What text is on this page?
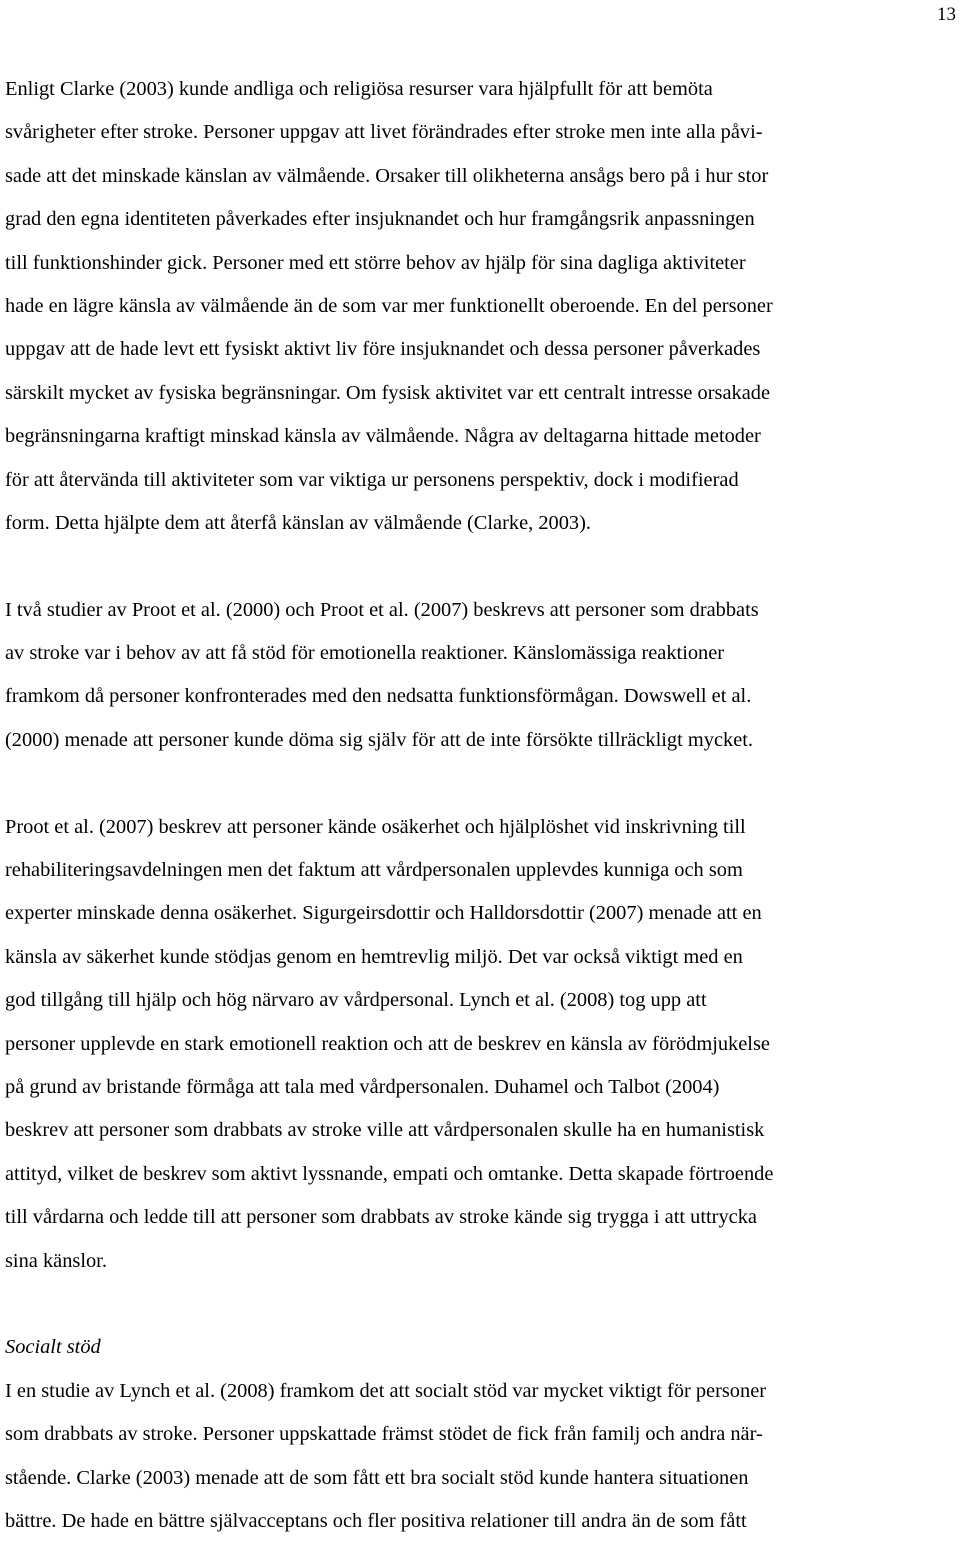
13
Enligt Clarke (2003) kunde andliga och religiösa resurser vara hjälpfullt för att bemöta
svårigheter efter stroke. Personer uppgav att livet förändrades efter stroke men inte alla påvi-
sade att det minskade känslan av välmående. Orsaker till olikheterna ansågs bero på i hur stor
grad den egna identiteten påverkades efter insjuknandet och hur framgångsrik anpassningen
till funktionshinder gick. Personer med ett större behov av hjälp för sina dagliga aktiviteter
hade en lägre känsla av välmående än de som var mer funktionellt oberoende. En del personer
uppgav att de hade levt ett fysiskt aktivt liv före insjuknandet och dessa personer påverkades
särskilt mycket av fysiska begränsningar. Om fysisk aktivitet var ett centralt intresse orsakade
begränsningarna kraftigt minskad känsla av välmående. Några av deltagarna hittade metoder
för att återvända till aktiviteter som var viktiga ur personens perspektiv, dock i modifierad
form. Detta hjälpte dem att återfå känslan av välmående (Clarke, 2003).
I två studier av Proot et al. (2000) och Proot et al. (2007) beskrevs att personer som drabbats
av stroke var i behov av att få stöd för emotionella reaktioner. Känslomässiga reaktioner
framkom då personer konfronterades med den nedsatta funktionsförmågan. Dowswell et al.
(2000) menade att personer kunde döma sig själv för att de inte försökte tillräckligt mycket.
Proot et al. (2007) beskrev att personer kände osäkerhet och hjälplöshet vid inskrivning till
rehabiliteringsavdelningen men det faktum att vårdpersonalen upplevdes kunniga och som
experter minskade denna osäkerhet. Sigurgeirsdottir och Halldorsdottir (2007) menade att en
känsla av säkerhet kunde stödjas genom en hemtrevlig miljö. Det var också viktigt med en
god tillgång till hjälp och hög närvaro av vårdpersonal. Lynch et al. (2008) tog upp att
personer upplevde en stark emotionell reaktion och att de beskrev en känsla av förödmjukelse
på grund av bristande förmåga att tala med vårdpersonalen. Duhamel och Talbot (2004)
beskrev att personer som drabbats av stroke ville att vårdpersonalen skulle ha en humanistisk
attityd, vilket de beskrev som aktivt lyssnande, empati och omtanke. Detta skapade förtroende
till vårdarna och ledde till att personer som drabbats av stroke kände sig trygga i att uttrycka
sina känslor.
Socialt stöd
I en studie av Lynch et al. (2008) framkom det att socialt stöd var mycket viktigt för personer
som drabbats av stroke. Personer uppskattade främst stödet de fick från familj och andra när-
stående. Clarke (2003) menade att de som fått ett bra socialt stöd kunde hantera situationen
bättre. De hade en bättre självacceptans och fler positiva relationer till andra än de som fått
